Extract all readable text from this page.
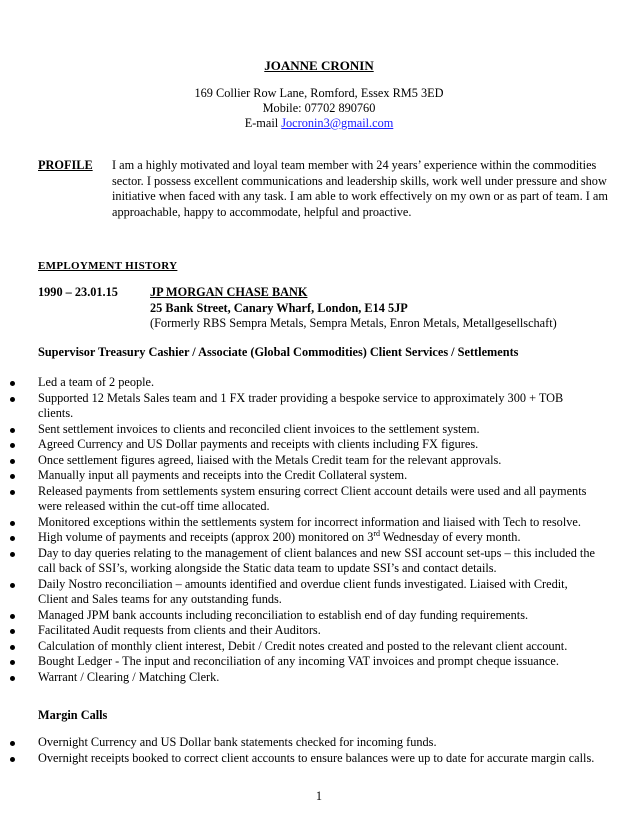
JOANNE CRONIN
169 Collier Row Lane, Romford, Essex RM5 3ED
Mobile: 07702 890760
E-mail Jocronin3@gmail.com
PROFILE	I am a highly motivated and loyal team member with 24 years’ experience within the commodities sector. I possess excellent communications and leadership skills, work well under pressure and show initiative when faced with any task. I am able to work effectively on my own or as part of team. I am approachable, happy to accommodate, helpful and proactive.
EMPLOYMENT HISTORY
1990 – 23.01.15	JP MORGAN CHASE BANK
25 Bank Street, Canary Wharf, London, E14 5JP
(Formerly RBS Sempra Metals, Sempra Metals, Enron Metals, Metallgesellschaft)
Supervisor Treasury Cashier / Associate (Global Commodities) Client Services / Settlements
Led a team of 2 people.
Supported 12 Metals Sales team and 1 FX trader providing a bespoke service to approximately 300 + TOB clients.
Sent settlement invoices to clients and reconciled client invoices to the settlement system.
Agreed Currency and US Dollar payments and receipts with clients including FX figures.
Once settlement figures agreed, liaised with the Metals Credit team for the relevant approvals.
Manually input all payments and receipts into the Credit Collateral system.
Released payments from settlements system ensuring correct Client account details were used and all payments were released within the cut-off time allocated.
Monitored exceptions within the settlements system for incorrect information and liaised with Tech to resolve.
High volume of payments and receipts (approx 200) monitored on 3rd Wednesday of every month.
Day to day queries relating to the management of client balances and new SSI account set-ups – this included the call back of SSI’s, working alongside the Static data team to update SSI’s and contact details.
Daily Nostro reconciliation – amounts identified and overdue client funds investigated. Liaised with Credit, Client and Sales teams for any outstanding funds.
Managed JPM bank accounts including reconciliation to establish end of day funding requirements.
Facilitated Audit requests from clients and their Auditors.
Calculation of monthly client interest, Debit / Credit notes created and posted to the relevant client account.
Bought Ledger - The input and reconciliation of any incoming VAT invoices and prompt cheque issuance.
Warrant / Clearing / Matching Clerk.
Margin Calls
Overnight Currency and US Dollar bank statements checked for incoming funds.
Overnight receipts booked to correct client accounts to ensure balances were up to date for accurate margin calls.
1
